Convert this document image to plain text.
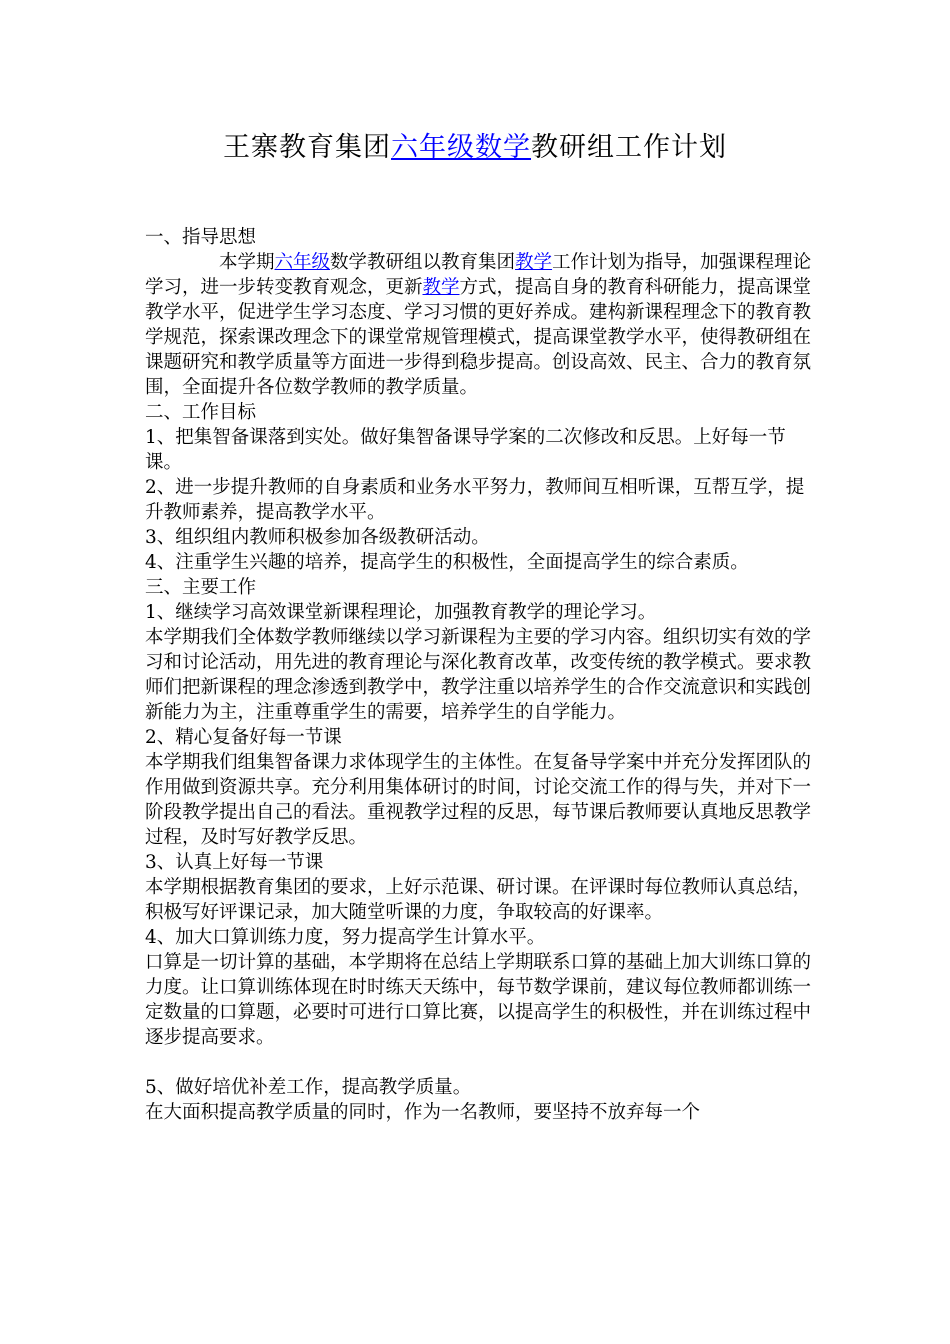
王寨教育集团六年级数学教研组工作计划

一、指导思想

本学期六年级数学教研组以教育集团教学工作计划为指导，加强课程理论学习，进一步转变教育观念，更新教学方式，提高自身的教育科研能力，提高课堂教学水平，促进学生学习态度、学习习惯的更好养成。建构新课程理念下的教育教学规范，探索课改理念下的课堂常规管理模式，提高课堂教学水平，使得教研组在课题研究和教学质量等方面进一步得到稳步提高。创设高效、民主、合力的教育氛围，全面提升各位数学教师的教学质量。

二、工作目标

1、把集智备课落到实处。做好集智备课导学案的二次修改和反思。上好每一节课。

2、进一步提升教师的自身素质和业务水平努力，教师间互相听课，互帮互学，提升教师素养，提高教学水平。

3、组织组内教师积极参加各级教研活动。

4、注重学生兴趣的培养，提高学生的积极性，全面提高学生的综合素质。

三、主要工作

1、继续学习高效课堂新课程理论，加强教育教学的理论学习。

本学期我们全体数学教师继续以学习新课程为主要的学习内容。组织切实有效的学习和讨论活动，用先进的教育理论与深化教育改革，改变传统的教学模式。要求教师们把新课程的理念渗透到教学中，教学注重以培养学生的合作交流意识和实践创新能力为主，注重尊重学生的需要，培养学生的自学能力。

2、精心复备好每一节课

本学期我们组集智备课力求体现学生的主体性。在复备导学案中并充分发挥团队的作用做到资源共享。充分利用集体研讨的时间，讨论交流工作的得与失，并对下一阶段教学提出自己的看法。重视教学过程的反思，每节课后教师要认真地反思教学过程，及时写好教学反思。

3、认真上好每一节课

本学期根据教育集团的要求，上好示范课、研讨课。在评课时每位教师认真总结，积极写好评课记录，加大随堂听课的力度，争取较高的好课率。

4、加大口算训练力度，努力提高学生计算水平。

口算是一切计算的基础，本学期将在总结上学期联系口算的基础上加大训练口算的力度。让口算训练体现在时时练天天练中，每节数学课前，建议每位教师都训练一定数量的口算题，必要时可进行口算比赛，以提高学生的积极性，并在训练过程中逐步提高要求。

5、做好培优补差工作，提高教学质量。

在大面积提高教学质量的同时，作为一名教师，要坚持不放弃每一个
